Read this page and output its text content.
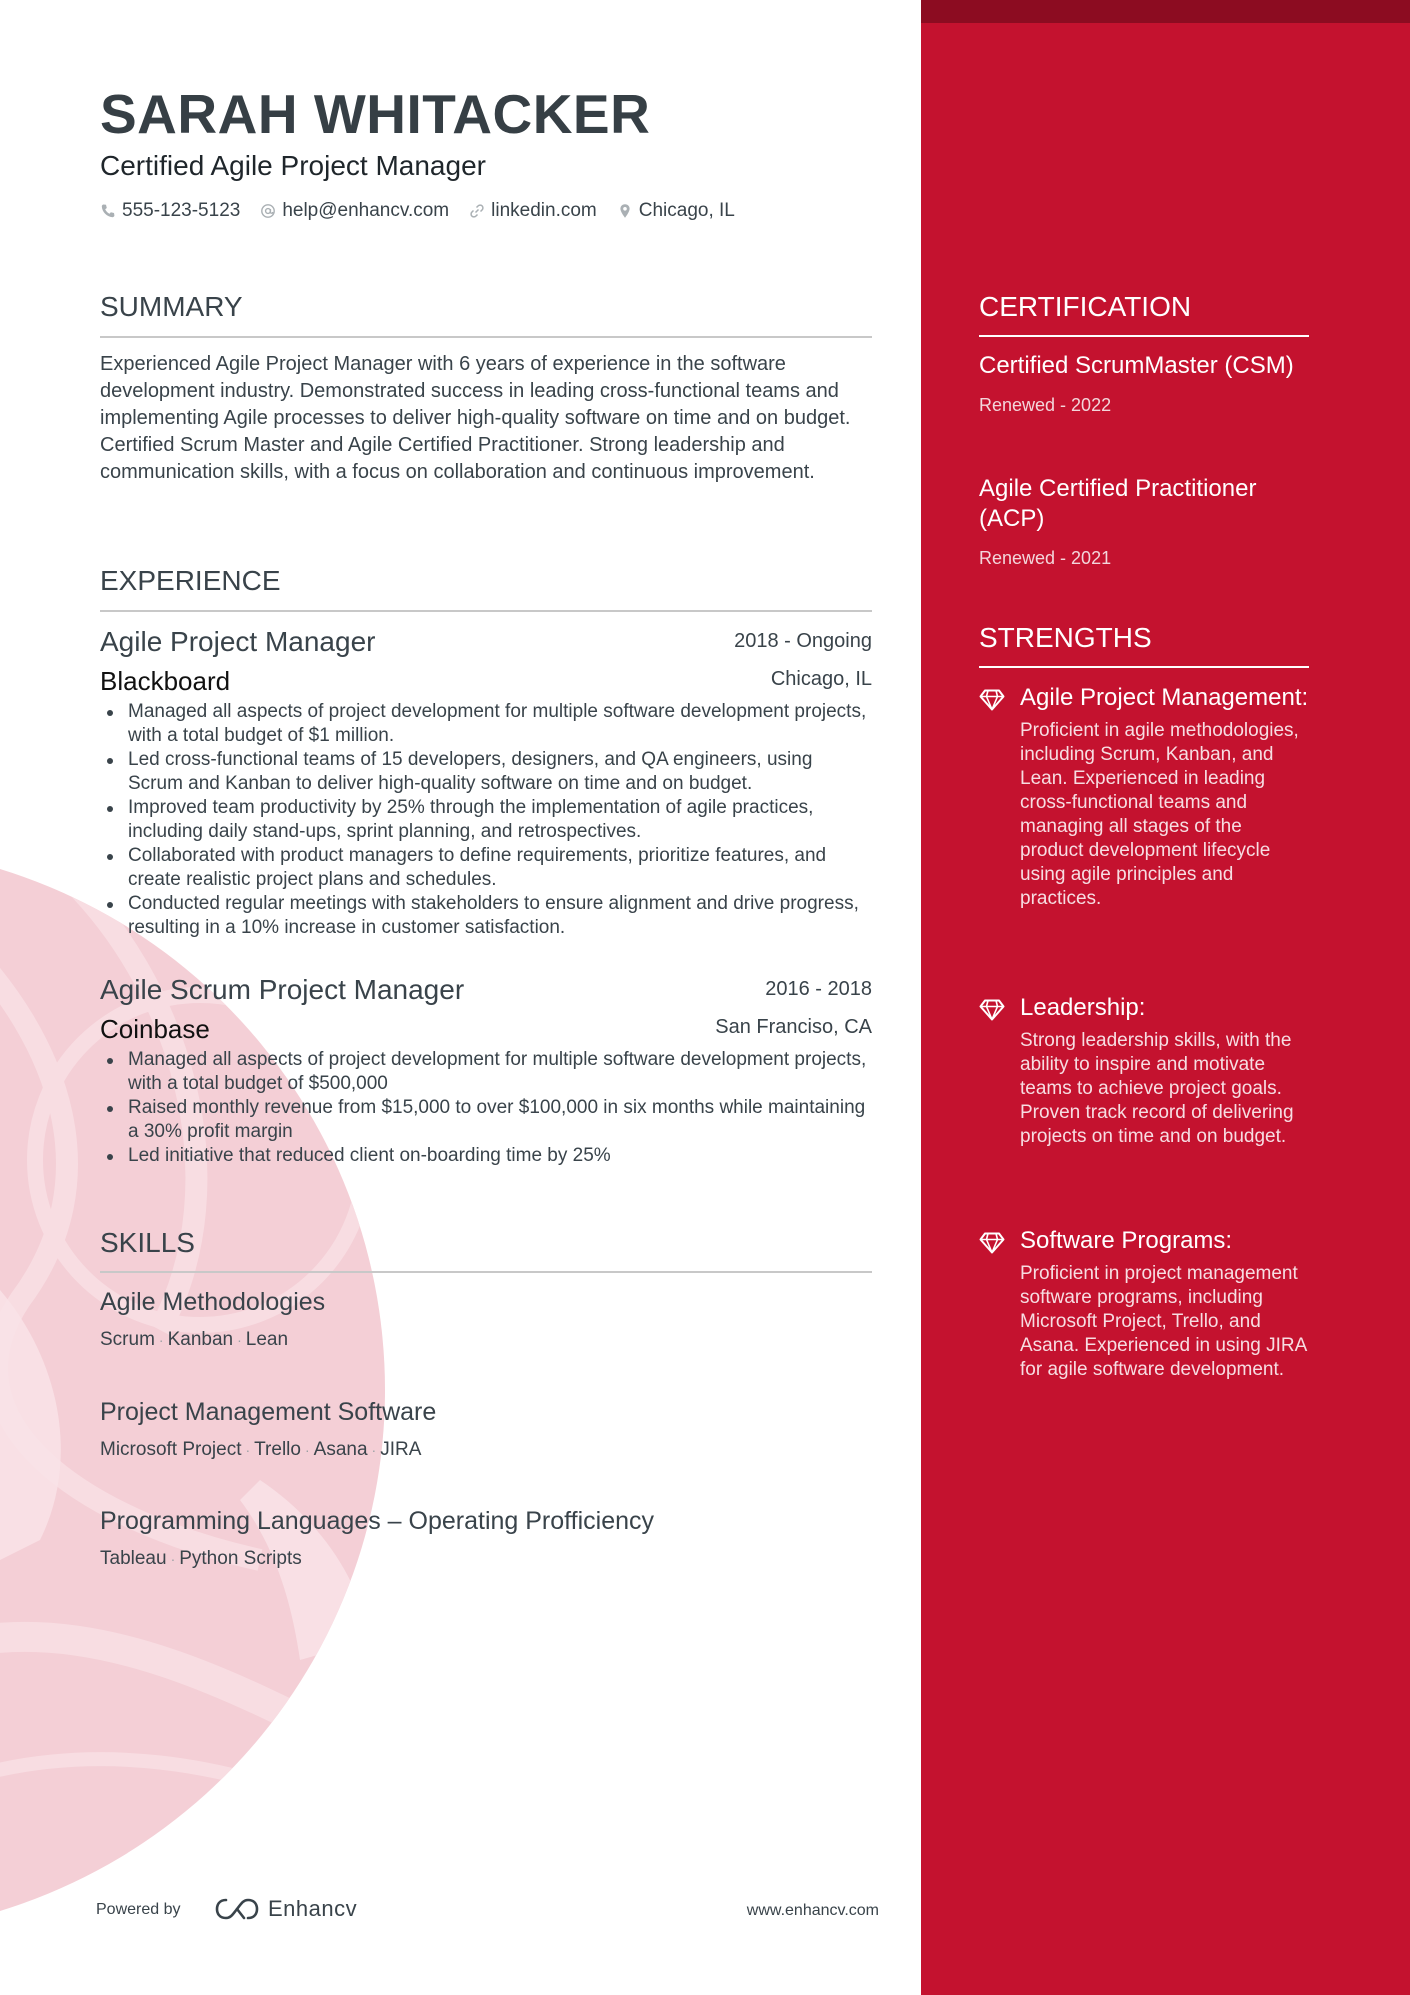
SARAH WHITACKER
Certified Agile Project Manager
555-123-5123 help@enhancv.com linkedin.com Chicago, IL
SUMMARY
Experienced Agile Project Manager with 6 years of experience in the software development industry. Demonstrated success in leading cross-functional teams and implementing Agile processes to deliver high-quality software on time and on budget. Certified Scrum Master and Agile Certified Practitioner. Strong leadership and communication skills, with a focus on collaboration and continuous improvement.
EXPERIENCE
Agile Project Manager	2018 - Ongoing
Blackboard	Chicago, IL
Managed all aspects of project development for multiple software development projects, with a total budget of $1 million.
Led cross-functional teams of 15 developers, designers, and QA engineers, using Scrum and Kanban to deliver high-quality software on time and on budget.
Improved team productivity by 25% through the implementation of agile practices, including daily stand-ups, sprint planning, and retrospectives.
Collaborated with product managers to define requirements, prioritize features, and create realistic project plans and schedules.
Conducted regular meetings with stakeholders to ensure alignment and drive progress, resulting in a 10% increase in customer satisfaction.
Agile Scrum Project Manager	2016 - 2018
Coinbase	San Franciso, CA
Managed all aspects of project development for multiple software development projects, with a total budget of $500,000
Raised monthly revenue from $15,000 to over $100,000 in six months while maintaining a 30% profit margin
Led initiative that reduced client on-boarding time by 25%
SKILLS
Agile Methodologies
Scrum · Kanban · Lean
Project Management Software
Microsoft Project · Trello · Asana · JIRA
Programming Languages – Operating Profficiency
Tableau · Python Scripts
CERTIFICATION
Certified ScrumMaster (CSM)
Renewed - 2022
Agile Certified Practitioner (ACP)
Renewed - 2021
STRENGTHS
Agile Project Management:
Proficient in agile methodologies, including Scrum, Kanban, and Lean. Experienced in leading cross-functional teams and managing all stages of the product development lifecycle using agile principles and practices.
Leadership:
Strong leadership skills, with the ability to inspire and motivate teams to achieve project goals. Proven track record of delivering projects on time and on budget.
Software Programs:
Proficient in project management software programs, including Microsoft Project, Trello, and Asana. Experienced in using JIRA for agile software development.
Powered by	Enhancv	www.enhancv.com
